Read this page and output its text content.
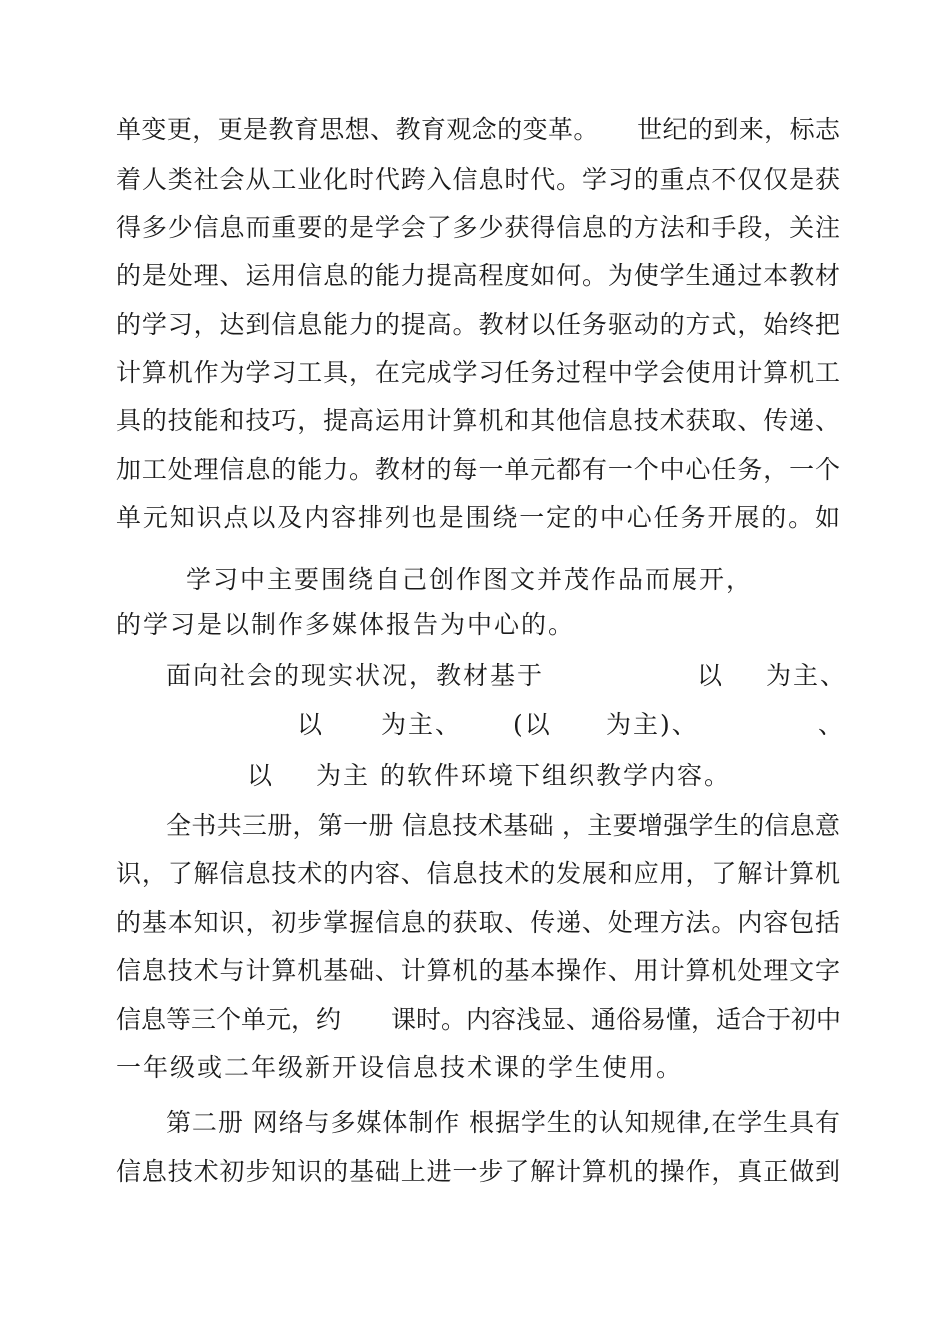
单变更，更是教育思想、教育观念的变革。　　世纪的到来，标志
着人类社会从工业化时代跨入信息时代。学习的重点不仅仅是获
得多少信息而重要的是学会了多少获得信息的方法和手段，关注
的是处理、运用信息的能力提高程度如何。为使学生通过本教材
的学习，达到信息能力的提高。教材以任务驱动的方式，始终把
计算机作为学习工具，在完成学习任务过程中学会使用计算机工
具的技能和技巧，提高运用计算机和其他信息技术获取、传递、
加工处理信息的能力。教材的每一单元都有一个中心任务，一个
单元知识点以及内容排列也是围绕一定的中心任务开展的。如
学习中主要围绕自己创作图文并茂作品而展开，
的学习是以制作多媒体报告为中心的。
面向社会的现实状况，教材基于	以 为主、
以 为主、 (以 为主)、	、
以 为主 的软件环境下组织教学内容。
全书共三册，第一册 信息技术基础 ，主要增强学生的信息意
识，了解信息技术的内容、信息技术的发展和应用，了解计算机
的基本知识，初步掌握信息的获取、传递、处理方法。内容包括
信息技术与计算机基础、计算机的基本操作、用计算机处理文字
信息等三个单元，约　　课时。内容浅显、通俗易懂，适合于初中
一年级或二年级新开设信息技术课的学生使用。
第二册 网络与多媒体制作 根据学生的认知规律,在学生具有
信息技术初步知识的基础上进一步了解计算机的操作，真正做到
